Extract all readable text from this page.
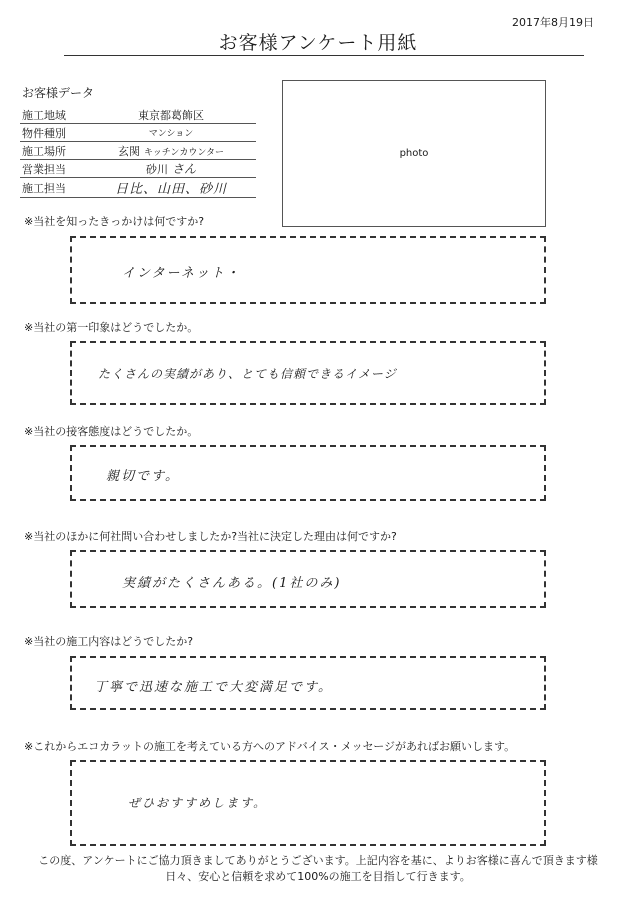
2017年8月19日
お客様アンケート用紙
お客様データ
施工地域	東京都葛飾区
物件種別	マンション
施工場所	玄関 キッチンカウンター
営業担当	砂川 さん
施工担当	日比、山田、砂川
photo
※当社を知ったきっかけは何ですか?
インターネット・
※当社の第一印象はどうでしたか。
たくさんの実績があり、とても信頼できるイメージ
※当社の接客態度はどうでしたか。
親切です。
※当社のほかに何社問い合わせしましたか?当社に決定した理由は何ですか?
実績がたくさんある。(1社のみ)
※当社の施工内容はどうでしたか?
丁寧で迅速な施工で大変満足です。
※これからエコカラットの施工を考えている方へのアドバイス・メッセージがあればお願いします。
ぜひおすすめします。
この度、アンケートにご協力頂きましてありがとうございます。上記内容を基に、よりお客様に喜んで頂きます様
日々、安心と信頼を求めて100%の施工を目指して行きます。
